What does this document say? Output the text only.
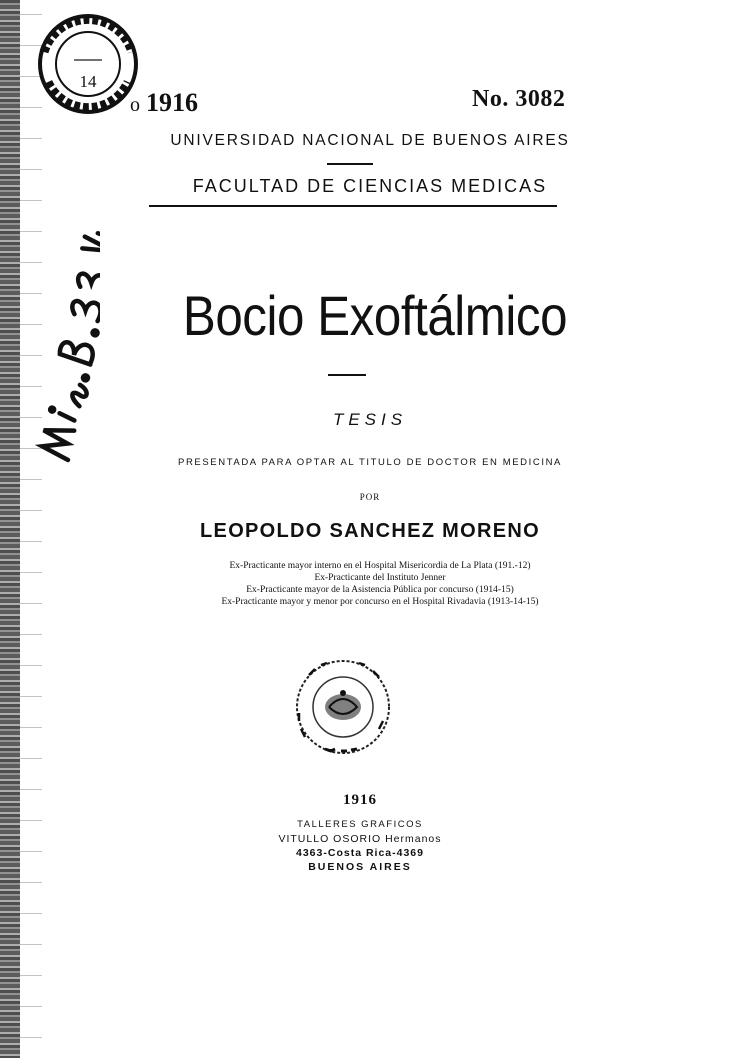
14
o 1916	No. 3082
UNIVERSIDAD NACIONAL DE BUENOS AIRES
FACULTAD DE CIENCIAS MEDICAS
Bocio Exoftálmico
TESIS
PRESENTADA PARA OPTAR AL TITULO DE DOCTOR EN MEDICINA
POR
LEOPOLDO SANCHEZ MORENO
Ex-Practicante mayor interno en el Hospital Misericordia de La Plata (191.-12)
Ex-Practicante del Instituto Jenner
Ex-Practicante mayor de la Asistencia Pública por concurso (1914-15)
Ex-Practicante mayor y menor por concurso en el Hospital Rivadavia (1913-14-15)
1916
TALLERES GRAFICOS
VITULLO OSORIO Hermanos
4363-Costa Rica-4369
BUENOS AIRES
